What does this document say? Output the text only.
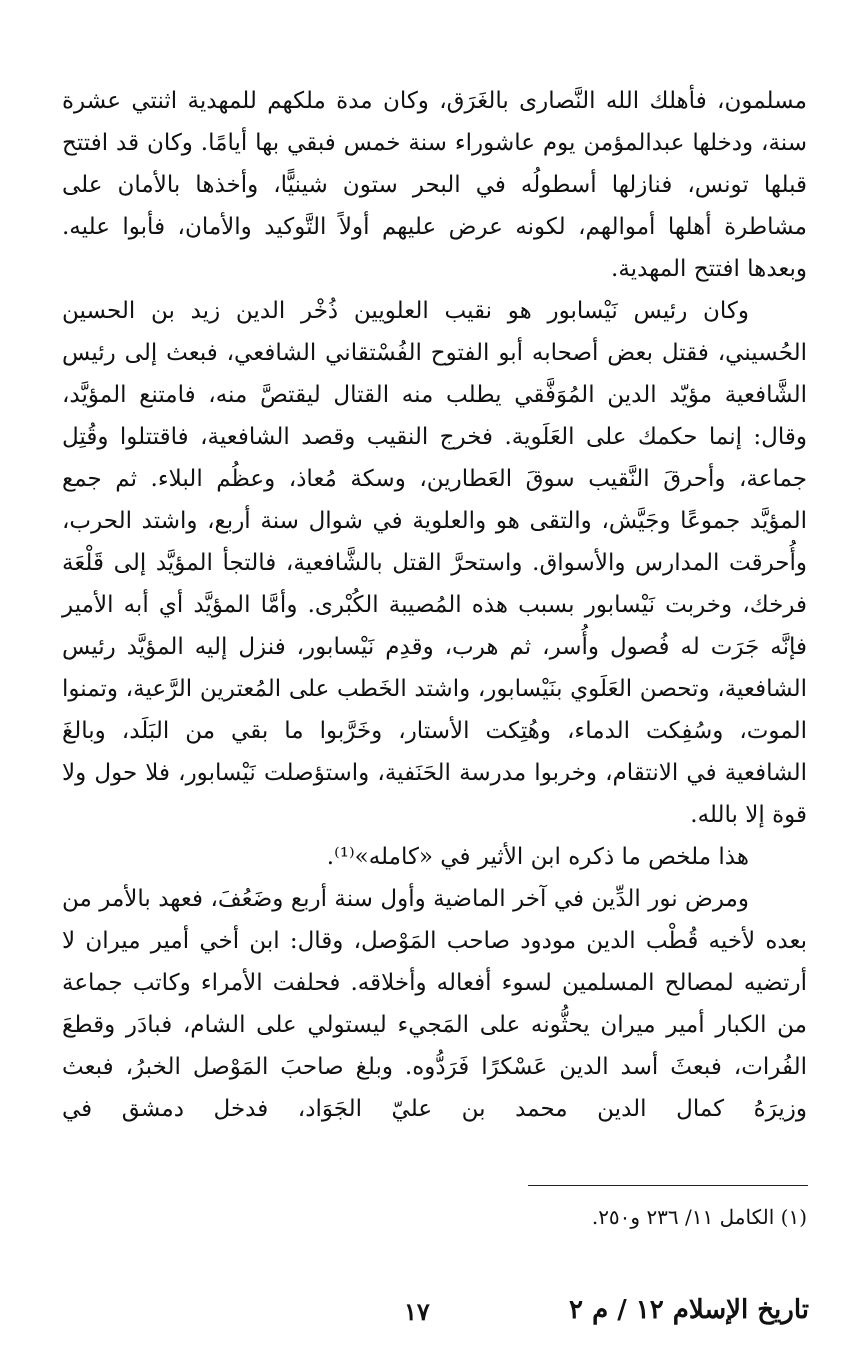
مسلمون، فأهلك الله النَّصارى بالغَرَق، وكان مدة ملكهم للمهدية اثنتي عشرة سنة، ودخلها عبدالمؤمن يوم عاشوراء سنة خمس فبقي بها أيامًا. وكان قد افتتح قبلها تونس، فنازلها أسطولُه في البحر ستون شينيًّا، وأخذها بالأمان على مشاطرة أهلها أموالهم، لكونه عرض عليهم أولاً التَّوكيد والأمان، فأبوا عليه. وبعدها افتتح المهدية.

وكان رئيس نَيْسابور هو نقيب العلويين ذُخْر الدين زيد بن الحسين الحُسيني، فقتل بعض أصحابه أبو الفتوح الفُسْتقاني الشافعي، فبعث إلى رئيس الشَّافعية مؤيّد الدين المُوَفَّقي يطلب منه القتال ليقتصَّ منه، فامتنع المؤيَّد، وقال: إنما حكمك على العَلَوية. فخرج النقيب وقصد الشافعية، فاقتتلوا وقُتِل جماعة، وأحرقَ النَّقيب سوقَ العَطارين، وسكة مُعاذ، وعظُم البلاء. ثم جمع المؤيَّد جموعًا وجَيَّش، والتقى هو والعلوية في شوال سنة أربع، واشتد الحرب، وأُحرقت المدارس والأسواق. واستحرَّ القتل بالشَّافعية، فالتجأ المؤيَّد إلى قَلْعَة فرخك، وخربت نَيْسابور بسبب هذه المُصيبة الكُبْرى. وأمَّا المؤيَّد أي أبه الأمير فإنَّه جَرَت له فُصول وأُسر، ثم هرب، وقدِم نَيْسابور، فنزل إليه المؤيَّد رئيس الشافعية، وتحصن العَلَوي بنَيْسابور، واشتد الخَطب على المُعترين الرَّعية، وتمنوا الموت، وسُفِكت الدماء، وهُتِكت الأستار، وخَرَّبوا ما بقي من البَلَد، وبالغَ الشافعية في الانتقام، وخربوا مدرسة الحَنَفية، واستؤصلت نَيْسابور، فلا حول ولا قوة إلا بالله.

هذا ملخص ما ذكره ابن الأثير في «كامله»⁽¹⁾.

ومرض نور الدِّين في آخر الماضية وأول سنة أربع وضَعُفَ، فعهد بالأمر من بعده لأخيه قُطْب الدين مودود صاحب المَوْصل، وقال: ابن أخي أمير ميران لا أرتضيه لمصالح المسلمين لسوء أفعاله وأخلاقه. فحلفت الأمراء وكاتب جماعة من الكبار أمير ميران يحثُّونه على المَجيء ليستولي على الشام، فبادَر وقطعَ الفُرات، فبعثَ أسد الدين عَسْكرًا فَرَدُّوه. وبلغ صاحبَ المَوْصل الخبرُ، فبعث وزيرَهُ كمال الدين محمد بن عليّ الجَوَاد، فدخل دمشق في

(١) الكامل ١١/ ٢٣٦ و٢٥٠.
تاريخ الإسلام ١٢ / م ٢
١٧
